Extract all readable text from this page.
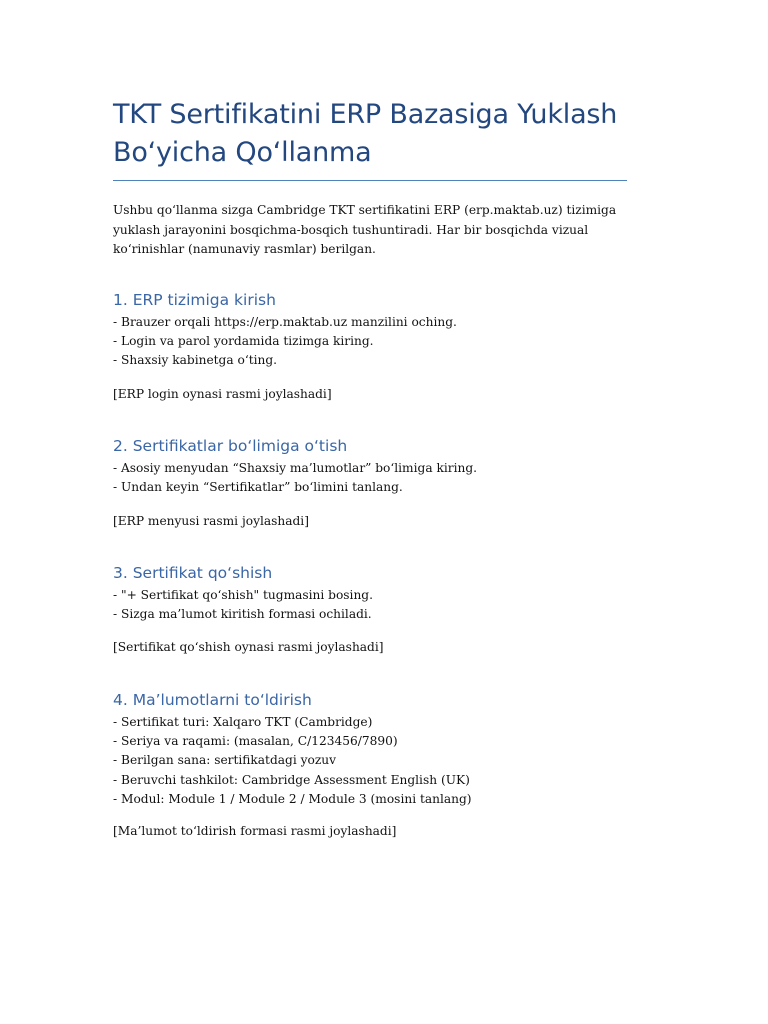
TKT Sertifikatini ERP Bazasiga Yuklash Bo‘yicha Qo‘llanma

Ushbu qo‘llanma sizga Cambridge TKT sertifikatini ERP (erp.maktab.uz) tizimiga yuklash jarayonini bosqichma-bosqich tushuntiradi. Har bir bosqichda vizual ko‘rinishlar (namunaviy rasmlar) berilgan.

1. ERP tizimiga kirish
- Brauzer orqali https://erp.maktab.uz manzilini oching.
- Login va parol yordamida tizimga kiring.
- Shaxsiy kabinetga o‘ting.

[ERP login oynasi rasmi joylashadi]

2. Sertifikatlar bo‘limiga o‘tish
- Asosiy menyudan “Shaxsiy ma’lumotlar” bo‘limiga kiring.
- Undan keyin “Sertifikatlar” bo‘limini tanlang.

[ERP menyusi rasmi joylashadi]

3. Sertifikat qo‘shish
- "+ Sertifikat qo‘shish" tugmasini bosing.
- Sizga ma’lumot kiritish formasi ochiladi.

[Sertifikat qo‘shish oynasi rasmi joylashadi]

4. Ma’lumotlarni to‘ldirish
- Sertifikat turi: Xalqaro TKT (Cambridge)
- Seriya va raqami: (masalan, C/123456/7890)
- Berilgan sana: sertifikatdagi yozuv
- Beruvchi tashkilot: Cambridge Assessment English (UK)
- Modul: Module 1 / Module 2 / Module 3 (mosini tanlang)

[Ma’lumot to‘ldirish formasi rasmi joylashadi]
